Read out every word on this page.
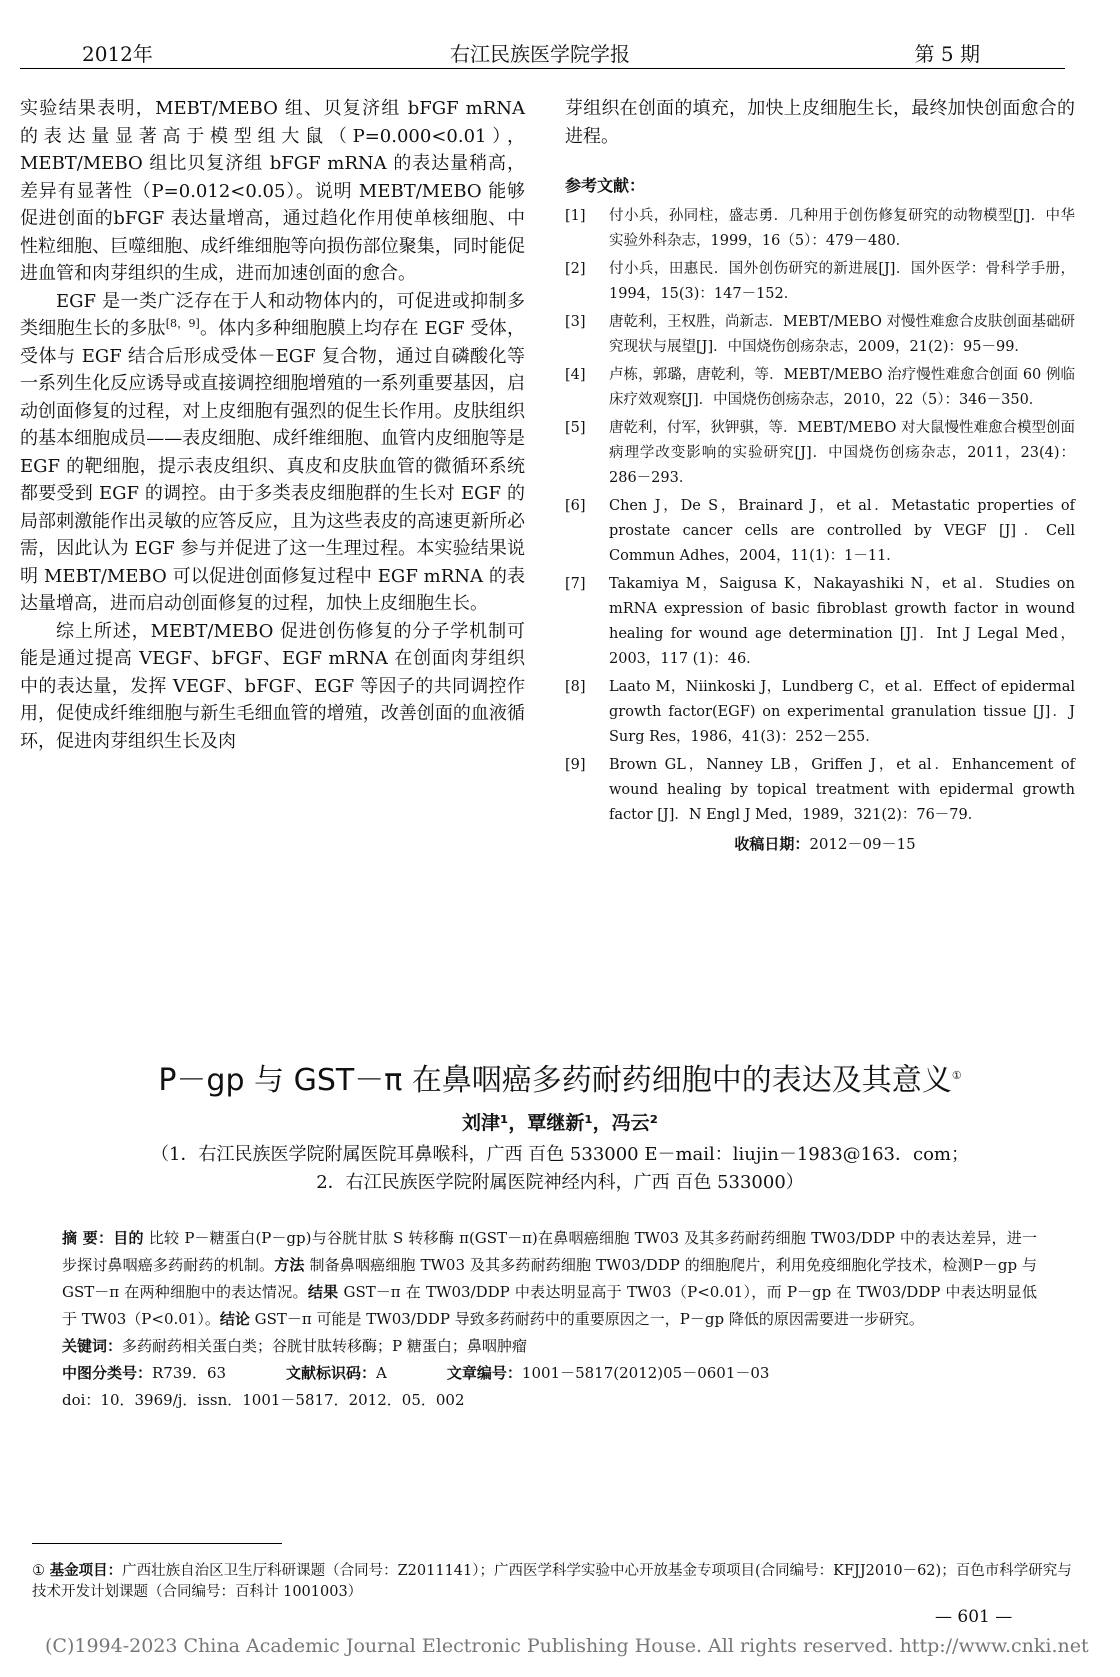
2012年	右江民族医学院学报	第 5 期

实验结果表明，MEBT/MEBO 组、贝复济组 bFGF mRNA 的表达量显著高于模型组大鼠（P=0.000<0.01），MEBT/MEBO 组比贝复济组 bFGF mRNA 的表达量稍高，差异有显著性（P=0.012<0.05）。说明 MEBT/MEBO 能够促进创面的bFGF 表达量增高，通过趋化作用使单核细胞、中性粒细胞、巨噬细胞、成纤维细胞等向损伤部位聚集，同时能促进血管和肉芽组织的生成，进而加速创面的愈合。

EGF 是一类广泛存在于人和动物体内的，可促进或抑制多类细胞生长的多肽[8，9]。体内多种细胞膜上均存在 EGF 受体，受体与 EGF 结合后形成受体－EGF 复合物，通过自磷酸化等一系列生化反应诱导或直接调控细胞增殖的一系列重要基因，启动创面修复的过程，对上皮细胞有强烈的促生长作用。皮肤组织的基本细胞成员——表皮细胞、成纤维细胞、血管内皮细胞等是 EGF 的靶细胞，提示表皮组织、真皮和皮肤血管的微循环系统都要受到 EGF 的调控。由于多类表皮细胞群的生长对 EGF 的局部刺激能作出灵敏的应答反应，且为这些表皮的高速更新所必需，因此认为 EGF 参与并促进了这一生理过程。本实验结果说明 MEBT/MEBO 可以促进创面修复过程中 EGF mRNA 的表达量增高，进而启动创面修复的过程，加快上皮细胞生长。

综上所述，MEBT/MEBO 促进创伤修复的分子学机制可能是通过提高 VEGF、bFGF、EGF mRNA 在创面肉芽组织中的表达量，发挥 VEGF、bFGF、EGF 等因子的共同调控作用，促使成纤维细胞与新生毛细血管的增殖，改善创面的血液循环，促进肉芽组织生长及肉

芽组织在创面的填充，加快上皮细胞生长，最终加快创面愈合的进程。

参考文献：
[1] 付小兵，孙同柱，盛志勇．几种用于创伤修复研究的动物模型[J]．中华实验外科杂志，1999，16（5）：479－480．
[2] 付小兵，田惠民．国外创伤研究的新进展[J]．国外医学：骨科学手册，1994，15(3)：147－152．
[3] 唐乾利，王权胜，尚新志．MEBT/MEBO 对慢性难愈合皮肤创面基础研究现状与展望[J]．中国烧伤创疡杂志，2009，21(2)：95－99．
[4] 卢栋，郭璐，唐乾利，等．MEBT/MEBO 治疗慢性难愈合创面 60 例临床疗效观察[J]．中国烧伤创疡杂志，2010，22（5）：346－350．
[5] 唐乾利，付军，狄钾骐，等．MEBT/MEBO 对大鼠慢性难愈合模型创面病理学改变影响的实验研究[J]．中国烧伤创疡杂志，2011，23(4)：286－293．
[6] Chen J，De S，Brainard J，et al．Metastatic properties of prostate cancer cells are controlled by VEGF [J]．Cell Commun Adhes，2004，11(1)：1－11．
[7] Takamiya M，Saigusa K，Nakayashiki N，et al．Studies on mRNA expression of basic fibroblast growth factor in wound healing for wound age determination [J]．Int J Legal Med，2003，117 (1)：46．
[8] Laato M，Niinkoski J，Lundberg C，et al．Effect of epidermal growth factor(EGF) on experimental granulation tissue [J]．J Surg Res，1986，41(3)：252－255．
[9] Brown GL，Nanney LB，Griffen J，et al．Enhancement of wound healing by topical treatment with epidermal growth factor [J]．N Engl J Med，1989，321(2)：76－79．
收稿日期：2012－09－15
P－gp 与 GST－π 在鼻咽癌多药耐药细胞中的表达及其意义①
刘津¹，覃继新¹，冯云²
（1．右江民族医学院附属医院耳鼻喉科，广西 百色 533000 E－mail：liujin－1983@163．com；
2．右江民族医学院附属医院神经内科，广西 百色 533000）

摘 要：目的 比较 P－糖蛋白(P－gp)与谷胱甘肽 S 转移酶 π(GST－π)在鼻咽癌细胞 TW03 及其多药耐药细胞 TW03/DDP 中的表达差异，进一步探讨鼻咽癌多药耐药的机制。方法 制备鼻咽癌细胞 TW03 及其多药耐药细胞 TW03/DDP 的细胞爬片，利用免疫细胞化学技术，检测P－gp 与 GST－π 在两种细胞中的表达情况。结果 GST－π 在 TW03/DDP 中表达明显高于 TW03（P<0.01），而 P－gp 在 TW03/DDP 中表达明显低于 TW03（P<0.01）。结论 GST－π 可能是 TW03/DDP 导致多药耐药中的重要原因之一，P－gp 降低的原因需要进一步研究。

关键词：多药耐药相关蛋白类；谷胱甘肽转移酶；P 糖蛋白；鼻咽肿瘤

中图分类号：R739．63	文献标识码：A	文章编号：1001－5817(2012)05－0601－03

doi：10．3969/j．issn．1001－5817．2012．05．002

① 基金项目：广西壮族自治区卫生厅科研课题（合同号：Z2011141）；广西医学科学实验中心开放基金专项项目(合同编号：KFJJ2010－62)；百色市科学研究与技术开发计划课题（合同编号：百科计 1001003）
— 601 —
(C)1994-2023 China Academic Journal Electronic Publishing House. All rights reserved. http://www.cnki.net
